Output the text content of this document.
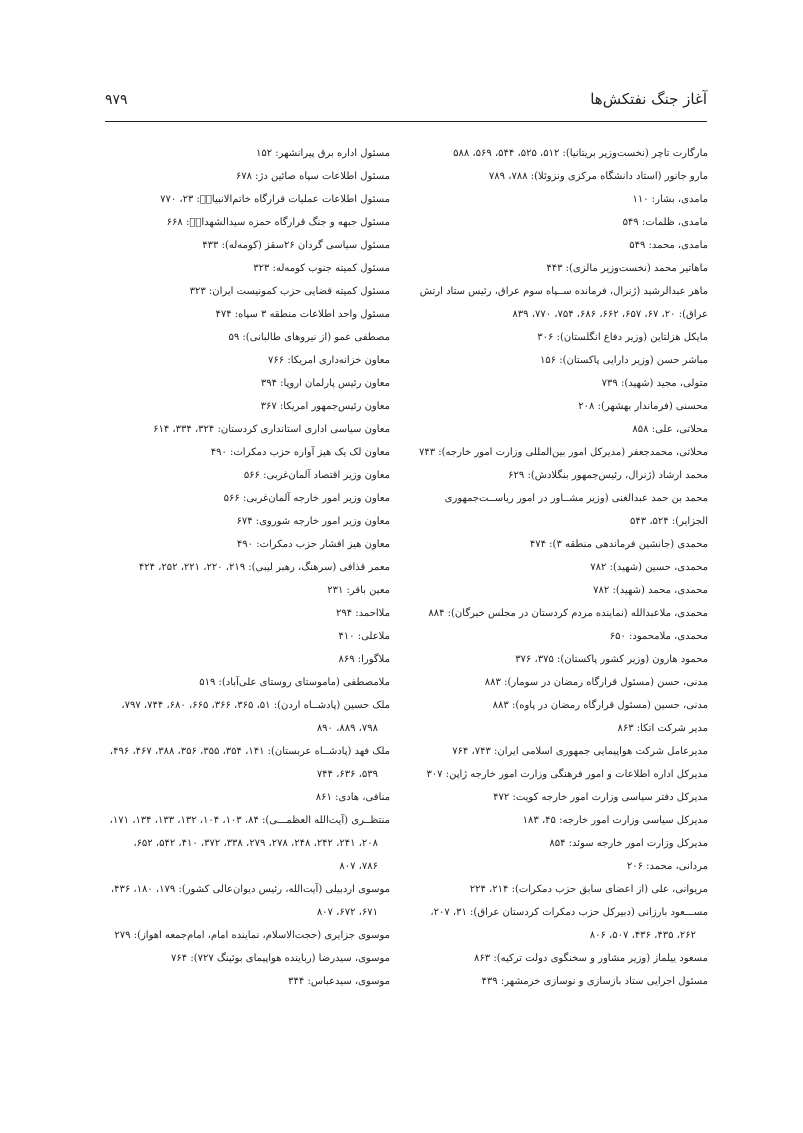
آغاز جنگ نفتکش‌ها
۹۷۹
مارگارت تاچر (نخست‌وزیر بریتانیا): ۵۱۲، ۵۲۵، ۵۴۴، ۵۶۹، ۵۸۸
مارو جانور (استاد دانشگاه مرکزی ونزوئلا): ۷۸۸، ۷۸۹
مامدی، بشار: ۱۱۰
مامدی، ظلمات: ۵۴۹
مامدی، محمد: ۵۴۹
ماهاتیر محمد (نخست‌وزیر مالزی): ۴۴۳
ماهر عبدالرشید (ژنرال، فرمانده ســپاه سوم عراق، رئیس ستاد ارتش
عراق): ۲۰، ۶۷، ۶۵۷، ۶۶۲، ۶۸۶، ۷۵۴، ۷۷۰، ۸۳۹
مایکل هزلتاین (وزیر دفاع انگلستان): ۳۰۶
مباشر حسن (وزیر دارایی پاکستان): ۱۵۶
متولی، مجید (شهید): ۷۳۹
محسنی (فرماندار بهشهر): ۲۰۸
محلاتی، علی: ۸۵۸
محلاتی، محمدجعفر (مدیرکل امور بین‌المللی وزارت امور خارجه): ۷۴۳
محمد ارشاد (ژنرال، رئیس‌جمهور بنگلادش): ۶۲۹
محمد بن حمد عبدالغنی (وزیر مشــاور در امور ریاســت‌جمهوری
الجزایر): ۵۲۴، ۵۴۳
محمدی (جانشین فرماندهی منطقه ۳): ۴۷۴
محمدی، حسین (شهید): ۷۸۲
محمدی، محمد (شهید): ۷۸۲
محمدی، ملاعبدالله (نماینده مردم کردستان در مجلس خبرگان): ۸۸۴
محمدی، ملامحمود: ۶۵۰
محمود هارون (وزیر کشور پاکستان): ۳۷۵، ۳۷۶
مدنی، حسن (مسئول قرارگاه رمضان در سومار): ۸۸۳
مدنی، حسین (مسئول قرارگاه رمضان در پاوه): ۸۸۳
مدیر شرکت اتکا: ۸۶۳
مدیرعامل شرکت هواپیمایی جمهوری اسلامی ایران: ۷۴۳، ۷۶۴
مدیرکل اداره اطلاعات و امور فرهنگی وزارت امور خارجه ژاپن: ۳۰۷
مدیرکل دفتر سیاسی وزارت امور خارجه کویت: ۴۷۲
مدیرکل سیاسی وزارت امور خارجه: ۴۵، ۱۸۳
مدیرکل وزارت امور خارجه سوئد: ۸۵۴
مردانی، محمد: ۲۰۶
مریوانی، علی (از اعضای سابق حزب دمکرات): ۲۱۴، ۲۲۴
مســـعود بارزانی (دبیرکل حزب دمکرات کردستان عراق): ۳۱، ۲۰۷،
۲۶۲، ۴۳۵، ۴۳۶، ۵۰۷، ۸۰۶
مسعود ییلماز (وزیر مشاور و سخنگوی دولت ترکیه): ۸۶۳
مسئول اجرایی ستاد بازسازی و نوسازی خرمشهر: ۴۳۹
مسئول اداره برق پیرانشهر: ۱۵۲
مسئول اطلاعات سپاه صائین دژ: ۶۷۸
مسئول اطلاعات عملیات قرارگاه خاتم‌الانبیاءؐ: ۲۳، ۷۷۰
مسئول جبهه و جنگ قرارگاه حمزه سیدالشهداءؑ: ۶۶۸
مسئول سیاسی گردان ۲۶سقز (کومه‌له): ۴۳۳
مسئول کمیته جنوب کومه‌له: ۳۲۳
مسئول کمیته قضایی حزب کمونیست ایران: ۳۲۳
مسئول واحد اطلاعات منطقه ۳ سپاه: ۴۷۴
مصطفی عمو (از نیروهای طالبانی): ۵۹
معاون خزانه‌داری امریکا: ۷۶۶
معاون رئیس پارلمان اروپا: ۳۹۴
معاون رئیس‌جمهور امریکا: ۳۶۷
معاون سیاسی اداری استانداری کردستان: ۳۲۴، ۳۳۴، ۶۱۴
معاون لک یک هیز آواره حزب دمکرات: ۴۹۰
معاون وزیر اقتصاد آلمان‌غربی: ۵۶۶
معاون وزیر امور خارجه آلمان‌غربی: ۵۶۶
معاون وزیر امور خارجه شوروی: ۶۷۴
معاون هیز افشار حزب دمکرات: ۴۹۰
معمر قذافی (سرهنگ، رهبر لیبی): ۲۱۹، ۲۲۰، ۲۲۱، ۲۵۲، ۴۲۴
معین باقر: ۲۳۱
ملااحمد: ۲۹۴
ملاعلی: ۴۱۰
ملاگورا: ۸۶۹
ملامصطفی (ماموستای روستای علی‌آباد): ۵۱۹
ملک حسین (پادشــاه اردن): ۵۱، ۳۶۵، ۳۶۶، ۶۶۵، ۶۸۰، ۷۴۴، ۷۹۷،
۷۹۸، ۸۸۹، ۸۹۰
ملک فهد (پادشــاه عربستان): ۱۴۱، ۳۵۴، ۳۵۵، ۳۵۶، ۳۸۸، ۴۶۷، ۴۹۶،
۵۳۹، ۶۳۶، ۷۴۴
منافی، هادی: ۸۶۱
منتظــری (آیت‌الله العظمـــی): ۸۴، ۱۰۳، ۱۰۴، ۱۳۲، ۱۳۳، ۱۳۴، ۱۷۱،
۲۰۸، ۲۴۱، ۲۴۲، ۲۴۸، ۲۷۸، ۲۷۹، ۳۳۸، ۳۷۲، ۴۱۰، ۵۴۲، ۶۵۲،
۷۸۶، ۸۰۷
موسوی اردبیلی (آیت‌الله، رئیس دیوان‌عالی کشور): ۱۷۹، ۱۸۰، ۴۳۶،
۶۷۱، ۶۷۲، ۸۰۷
موسوی جزایری (حجت‌الاسلام، نماینده امام، امام‌جمعه اهواز): ۲۷۹
موسوی، سیدرضا (رباینده هواپیمای بوئینگ ۷۲۷): ۷۶۴
موسوی، سیدعباس: ۳۴۴
